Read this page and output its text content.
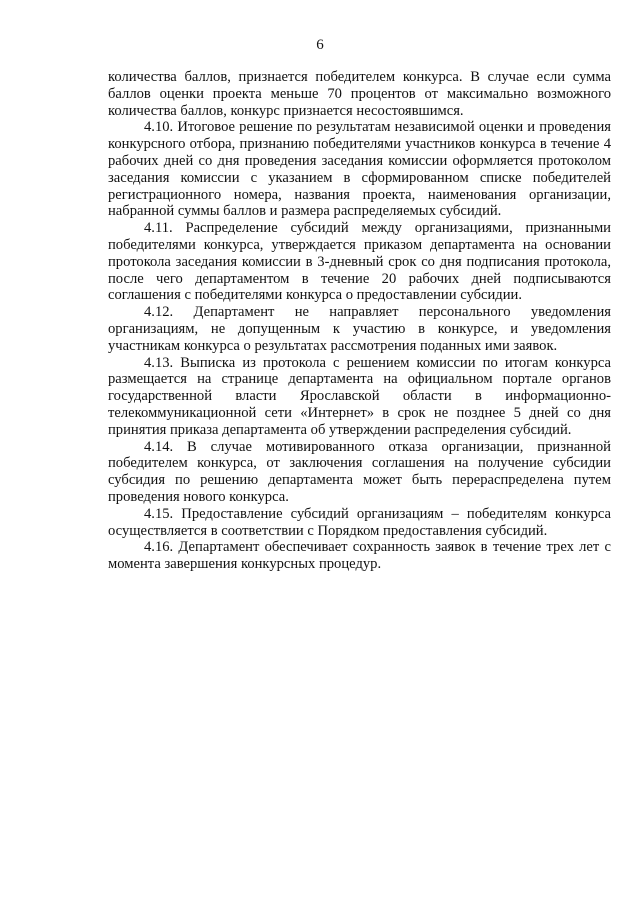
6

количества баллов, признается победителем конкурса. В случае если сумма баллов оценки проекта меньше 70 процентов от максимально возможного количества баллов, конкурс признается несостоявшимся.

4.10. Итоговое решение по результатам независимой оценки и проведения конкурсного отбора, признанию победителями участников конкурса в течение 4 рабочих дней со дня проведения заседания комиссии оформляется протоколом заседания комиссии с указанием в сформированном списке победителей регистрационного номера, названия проекта, наименования организации, набранной суммы баллов и размера распределяемых субсидий.

4.11. Распределение субсидий между организациями, признанными победителями конкурса, утверждается приказом департамента на основании протокола заседания комиссии в 3-дневный срок со дня подписания протокола, после чего департаментом в течение 20 рабочих дней подписываются соглашения с победителями конкурса о предоставлении субсидии.

4.12. Департамент не направляет персонального уведомления организациям, не допущенным к участию в конкурсе, и уведомления участникам конкурса о результатах рассмотрения поданных ими заявок.

4.13. Выписка из протокола с решением комиссии по итогам конкурса размещается на странице департамента на официальном портале органов государственной власти Ярославской области в информационно-телекоммуникационной сети «Интернет» в срок не позднее 5 дней со дня принятия приказа департамента об утверждении распределения субсидий.

4.14. В случае мотивированного отказа организации, признанной победителем конкурса, от заключения соглашения на получение субсидии субсидия по решению департамента может быть перераспределена путем проведения нового конкурса.

4.15. Предоставление субсидий организациям – победителям конкурса осуществляется в соответствии с Порядком предоставления субсидий.

4.16. Департамент обеспечивает сохранность заявок в течение трех лет с момента завершения конкурсных процедур.
